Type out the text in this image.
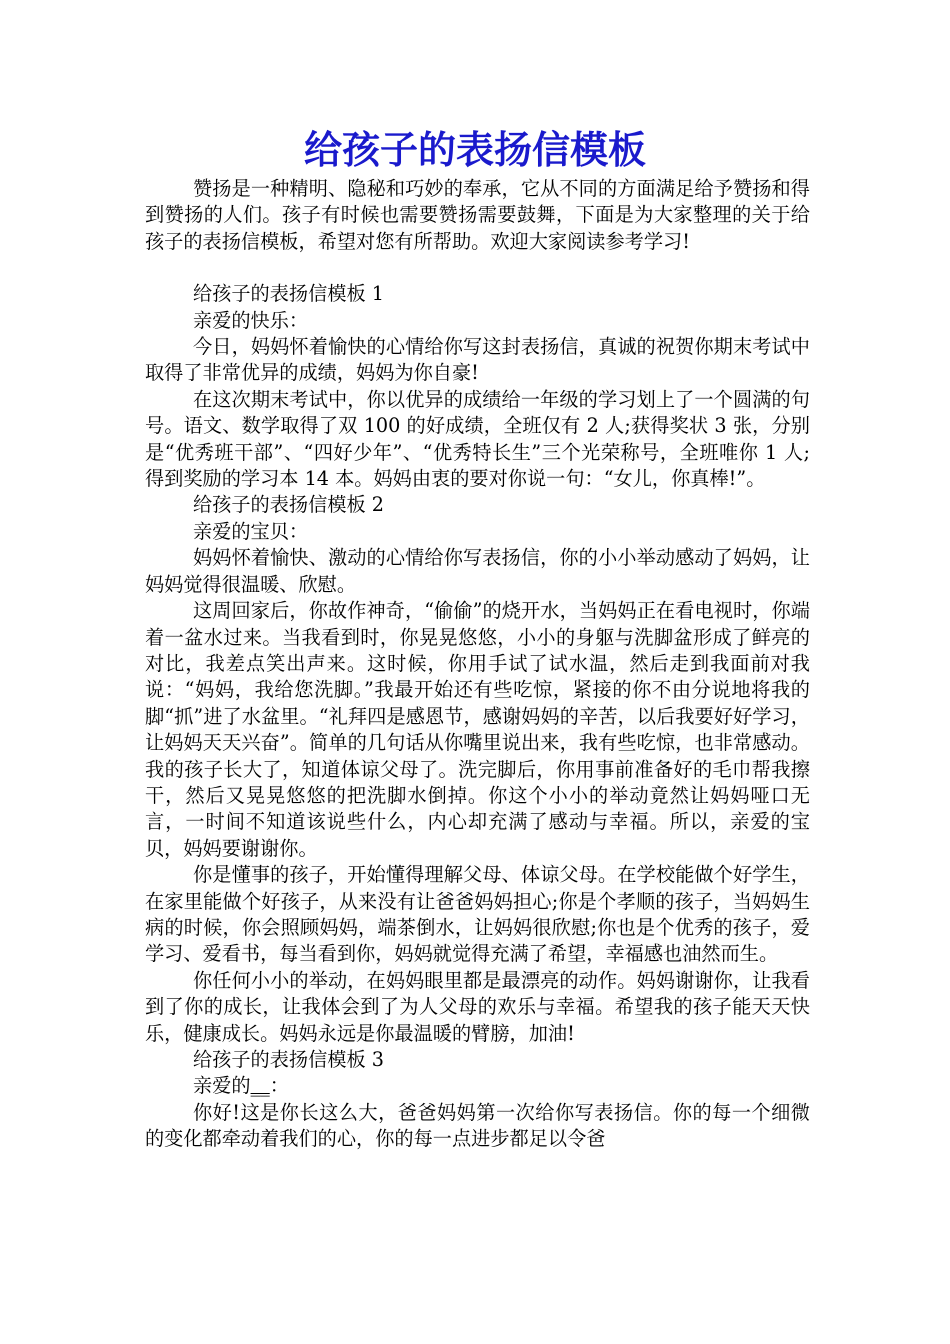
给孩子的表扬信模板

赞扬是一种精明、隐秘和巧妙的奉承，它从不同的方面满足给予赞扬和得到赞扬的人们。孩子有时候也需要赞扬需要鼓舞，下面是为大家整理的关于给孩子的表扬信模板，希望对您有所帮助。欢迎大家阅读参考学习!

给孩子的表扬信模板 1

亲爱的快乐：

今日，妈妈怀着愉快的心情给你写这封表扬信，真诚的祝贺你期末考试中取得了非常优异的成绩，妈妈为你自豪!

在这次期末考试中，你以优异的成绩给一年级的学习划上了一个圆满的句号。语文、数学取得了双 100 的好成绩，全班仅有 2 人;获得奖状 3 张，分别是“优秀班干部”、“四好少年”、“优秀特长生”三个光荣称号，全班唯你 1 人;得到奖励的学习本 14 本。妈妈由衷的要对你说一句：“女儿，你真棒!”。

给孩子的表扬信模板 2

亲爱的宝贝：

妈妈怀着愉快、激动的心情给你写表扬信，你的小小举动感动了妈妈，让妈妈觉得很温暖、欣慰。

这周回家后，你故作神奇，“偷偷”的烧开水，当妈妈正在看电视时，你端着一盆水过来。当我看到时，你晃晃悠悠，小小的身躯与洗脚盆形成了鲜亮的对比，我差点笑出声来。这时候，你用手试了试水温，然后走到我面前对我说：“妈妈，我给您洗脚。”我最开始还有些吃惊，紧接的你不由分说地将我的脚“抓”进了水盆里。“礼拜四是感恩节，感谢妈妈的辛苦，以后我要好好学习，让妈妈天天兴奋”。简单的几句话从你嘴里说出来，我有些吃惊，也非常感动。我的孩子长大了，知道体谅父母了。洗完脚后，你用事前准备好的毛巾帮我擦干，然后又晃晃悠悠的把洗脚水倒掉。你这个小小的举动竟然让妈妈哑口无言，一时间不知道该说些什么，内心却充满了感动与幸福。所以，亲爱的宝贝，妈妈要谢谢你。

你是懂事的孩子，开始懂得理解父母、体谅父母。在学校能做个好学生，在家里能做个好孩子，从来没有让爸爸妈妈担心;你是个孝顺的孩子，当妈妈生病的时候，你会照顾妈妈，端茶倒水，让妈妈很欣慰;你也是个优秀的孩子，爱学习、爱看书，每当看到你，妈妈就觉得充满了希望，幸福感也油然而生。

你任何小小的举动，在妈妈眼里都是最漂亮的动作。妈妈谢谢你，让我看到了你的成长，让我体会到了为人父母的欢乐与幸福。希望我的孩子能天天快乐，健康成长。妈妈永远是你最温暖的臂膀，加油!

给孩子的表扬信模板 3

亲爱的__：

你好!这是你长这么大，爸爸妈妈第一次给你写表扬信。你的每一个细微的变化都牵动着我们的心，你的每一点进步都足以令爸
